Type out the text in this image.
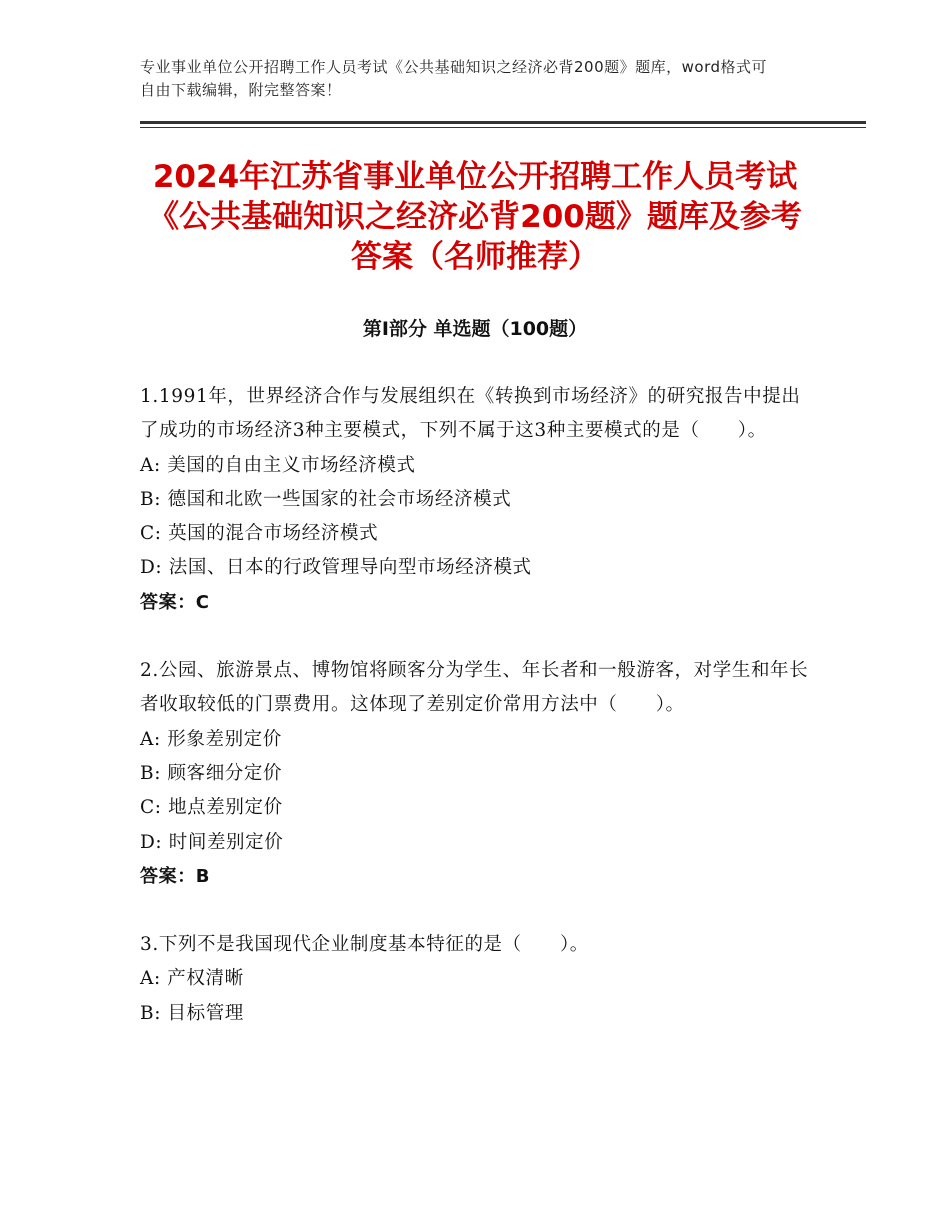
专业事业单位公开招聘工作人员考试《公共基础知识之经济必背200题》题库，word格式可自由下载编辑，附完整答案！
2024年江苏省事业单位公开招聘工作人员考试《公共基础知识之经济必背200题》题库及参考答案（名师推荐）
第Ⅰ部分 单选题（100题）
1.1991年，世界经济合作与发展组织在《转换到市场经济》的研究报告中提出了成功的市场经济3种主要模式，下列不属于这3种主要模式的是（　　）。
A: 美国的自由主义市场经济模式
B: 德国和北欧一些国家的社会市场经济模式
C: 英国的混合市场经济模式
D: 法国、日本的行政管理导向型市场经济模式
答案：C
2.公园、旅游景点、博物馆将顾客分为学生、年长者和一般游客，对学生和年长者收取较低的门票费用。这体现了差别定价常用方法中（　　）。
A: 形象差别定价
B: 顾客细分定价
C: 地点差别定价
D: 时间差别定价
答案：B
3.下列不是我国现代企业制度基本特征的是（　　）。
A: 产权清晰
B: 目标管理
